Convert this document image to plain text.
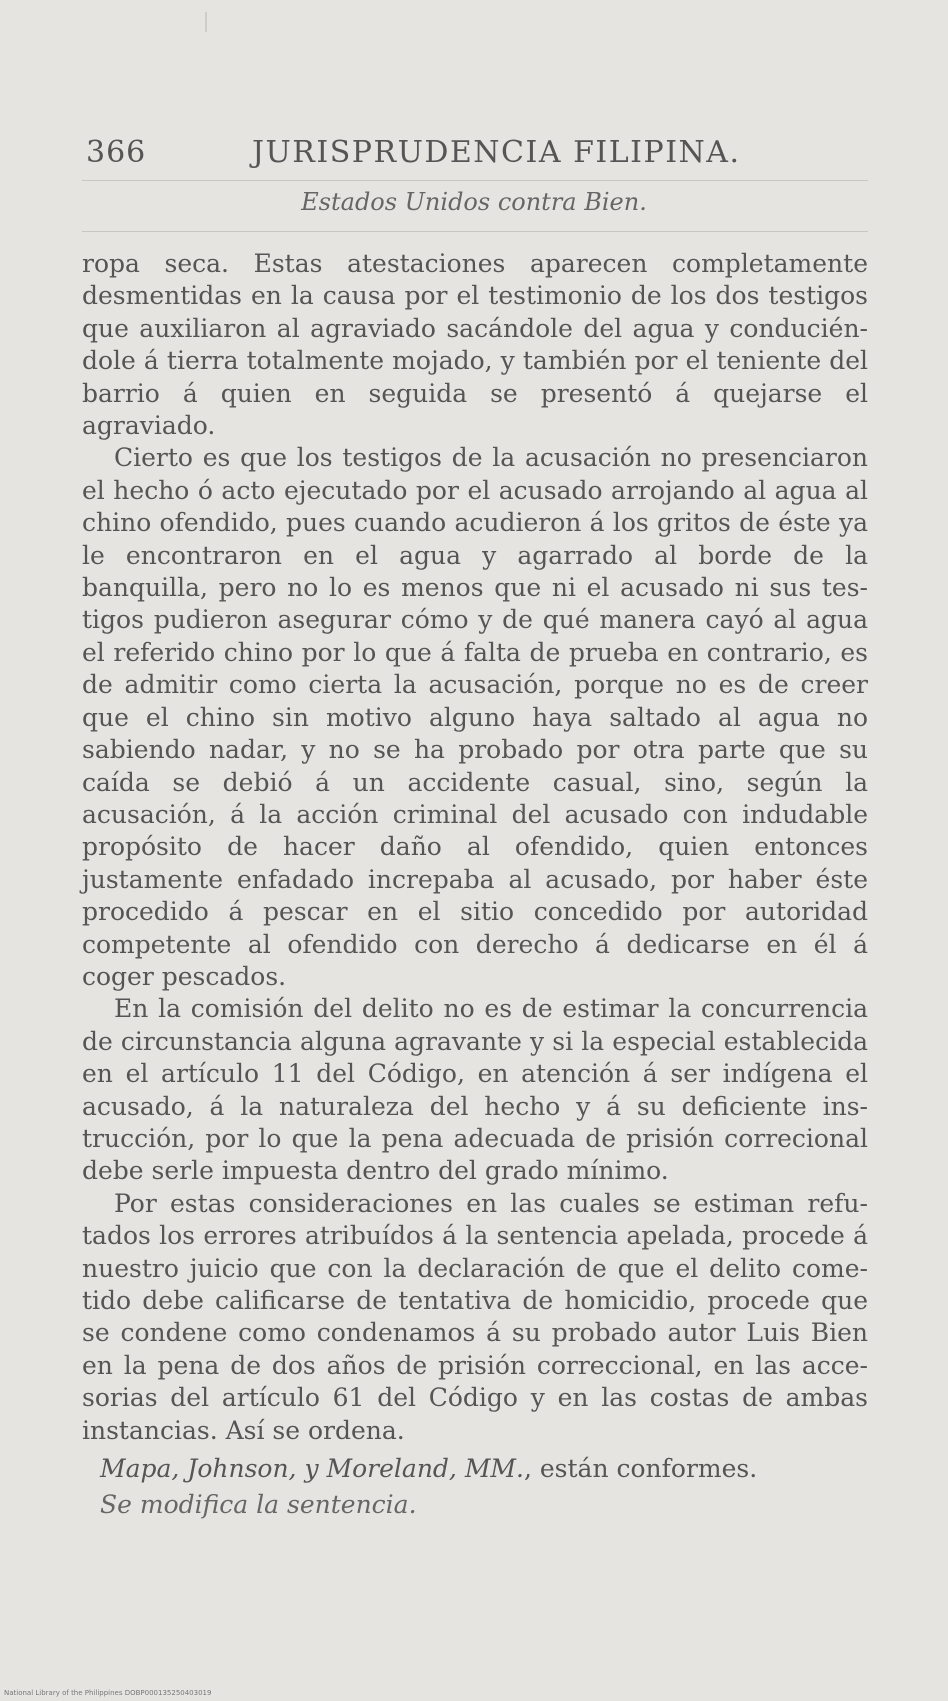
366	JURISPRUDENCIA FILIPINA.
Estados Unidos contra Bien.

ropa seca. Estas atestaciones aparecen completamente desmentidas en la causa por el testimonio de los dos testigos que auxiliaron al agraviado sacándole del agua y conduciéndole á tierra totalmente mojado, y también por el teniente del barrio á quien en seguida se presentó á quejarse el agraviado.

Cierto es que los testigos de la acusación no presenciaron el hecho ó acto ejecutado por el acusado arrojando al agua al chino ofendido, pues cuando acudieron á los gritos de éste ya le encontraron en el agua y agarrado al borde de la banquilla, pero no lo es menos que ni el acusado ni sus testigos pudieron asegurar cómo y de qué manera cayó al agua el referido chino por lo que á falta de prueba en contrario, es de admitir como cierta la acusación, porque no es de creer que el chino sin motivo alguno haya saltado al agua no sabiendo nadar, y no se ha probado por otra parte que su caída se debió á un accidente casual, sino, según la acusación, á la acción criminal del acusado con indudable propósito de hacer daño al ofendido, quien entonces justamente enfadado increpaba al acusado, por haber éste procedido á pescar en el sitio concedido por autoridad competente al ofendido con derecho á dedicarse en él á coger pescados.

En la comisión del delito no es de estimar la concurrencia de circunstancia alguna agravante y si la especial establecida en el artículo 11 del Código, en atención á ser indígena el acusado, á la naturaleza del hecho y á su deficiente instrucción, por lo que la pena adecuada de prisión correcional debe serle impuesta dentro del grado mínimo.

Por estas consideraciones en las cuales se estiman refutados los errores atribuídos á la sentencia apelada, procede á nuestro juicio que con la declaración de que el delito cometido debe calificarse de tentativa de homicidio, procede que se condene como condenamos á su probado autor Luis Bien en la pena de dos años de prisión correccional, en las accesorias del artículo 61 del Código y en las costas de ambas instancias. Así se ordena.

Mapa, Johnson, y Moreland, MM., están conformes.
Se modifica la sentencia.
National Library of the Philippines DOBP000135250403019
